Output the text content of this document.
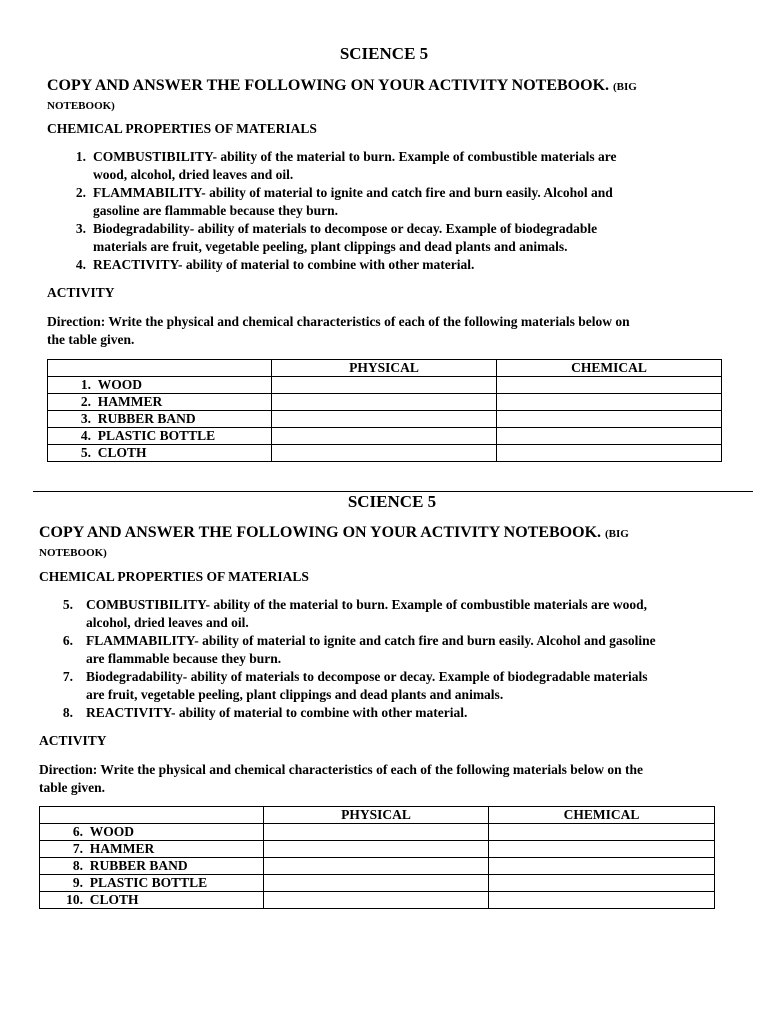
SCIENCE 5
COPY AND ANSWER THE FOLLOWING ON YOUR ACTIVITY NOTEBOOK. (BIG
NOTEBOOK)
CHEMICAL PROPERTIES OF MATERIALS
1. COMBUSTIBILITY- ability of the material to burn. Example of combustible materials are
wood, alcohol, dried leaves and oil.
2. FLAMMABILITY- ability of material to ignite and catch fire and burn easily. Alcohol and
gasoline are flammable because they burn.
3. Biodegradability- ability of materials to decompose or decay. Example of biodegradable
materials are fruit, vegetable peeling, plant clippings and dead plants and animals.
4. REACTIVITY- ability of material to combine with other material.
ACTIVITY
Direction: Write the physical and chemical characteristics of each of the following materials below on
the table given.
	PHYSICAL	CHEMICAL
1. WOOD		
2. HAMMER		
3. RUBBER BAND		
4. PLASTIC BOTTLE		
5. CLOTH		
SCIENCE 5
COPY AND ANSWER THE FOLLOWING ON YOUR ACTIVITY NOTEBOOK. (BIG
NOTEBOOK)
CHEMICAL PROPERTIES OF MATERIALS
5. COMBUSTIBILITY- ability of the material to burn. Example of combustible materials are wood,
alcohol, dried leaves and oil.
6. FLAMMABILITY- ability of material to ignite and catch fire and burn easily. Alcohol and gasoline
are flammable because they burn.
7. Biodegradability- ability of materials to decompose or decay. Example of biodegradable materials
are fruit, vegetable peeling, plant clippings and dead plants and animals.
8. REACTIVITY- ability of material to combine with other material.
ACTIVITY
Direction: Write the physical and chemical characteristics of each of the following materials below on the
table given.
	PHYSICAL	CHEMICAL
6. WOOD		
7. HAMMER		
8. RUBBER BAND		
9. PLASTIC BOTTLE		
10. CLOTH		
